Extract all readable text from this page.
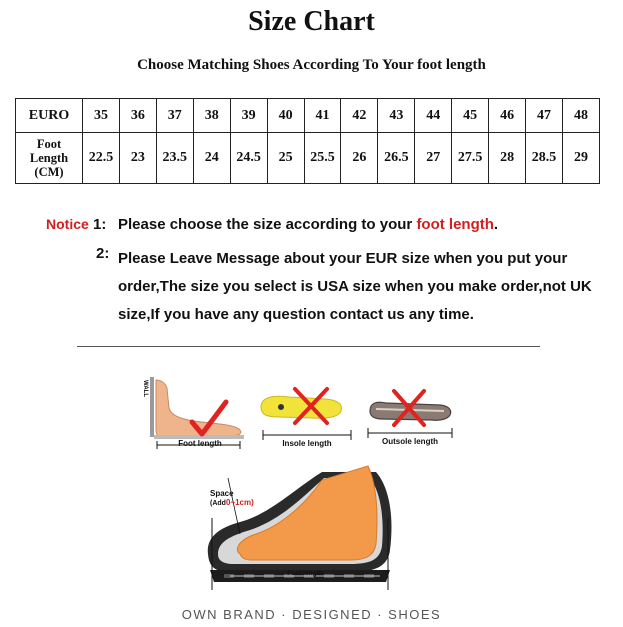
Size Chart
Choose Matching Shoes According To Your foot length
EURO	35	36	37	38	39	40	41	42	43	44	45	46	47	48

Foot
Length
(CM)	22.5	23	23.5	24	24.5	25	25.5	26	26.5	27	27.5	28	28.5	29
Notice 1: Please choose the size according to your foot length.
2: Please Leave Message about your EUR size when you put your order,The size you select is USA size when you make order,not UK size,If you have any question contact us any time.
WALL
Foot length	Insole length	Outsole length
Space
(Add0~1cm)
Foot length
OWN BRAND · DESIGNED · SHOES
